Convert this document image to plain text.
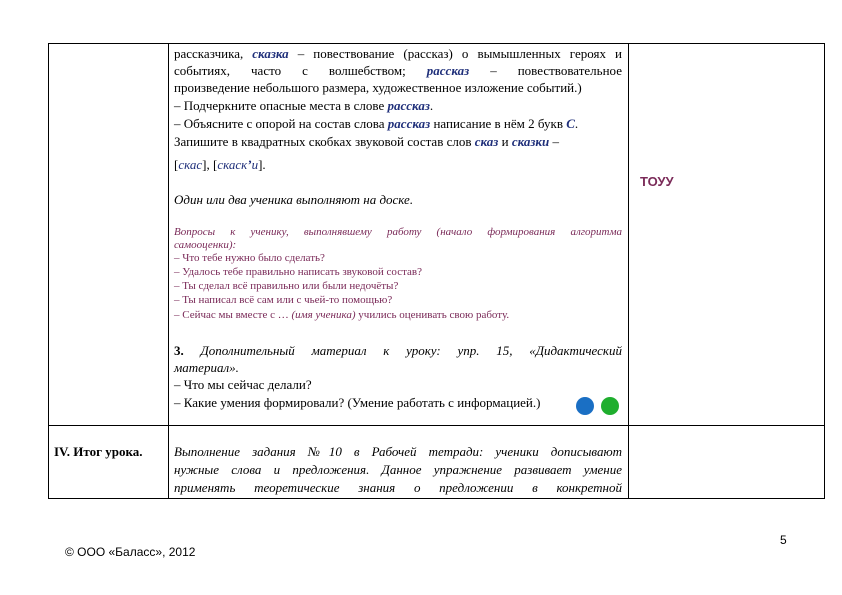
рассказчика, сказка – повествование (рассказ) о вымышленных героях и
событиях, часто с волшебством; рассказ – повествовательное
произведение небольшого размера, художественное изложение событий.)
– Подчеркните опасные места в слове рассказ.
– Объясните с опорой на состав слова рассказ написание в нём 2 букв С.
Запишите в квадратных скобках звуковой состав слов сказ и сказки –
[скас], [скаскʼи].
Один или два ученика выполняют на доске.
Вопросы к ученику, выполнявшему работу (начало формирования алгоритма
самооценки):
– Что тебе нужно было сделать?
– Удалось тебе правильно написать звуковой состав?
– Ты сделал всё правильно или были недочёты?
– Ты написал всё сам или с чьей-то помощью?
– Сейчас мы вместе с … (имя ученика) учились оценивать свою работу.
3. Дополнительный материал к уроку: упр. 15, «Дидактический
материал».
– Что мы сейчас делали?
– Какие умения формировали? (Умение работать с информацией.)
ТОУУ
IV. Итог урока. Выполнение задания №10 в Рабочей тетради: ученики дописывают
нужные слова и предложения. Данное упражнение развивает умение
применять теоретические знания о предложении в конкретной
5
© ООО «Баласс», 2012
